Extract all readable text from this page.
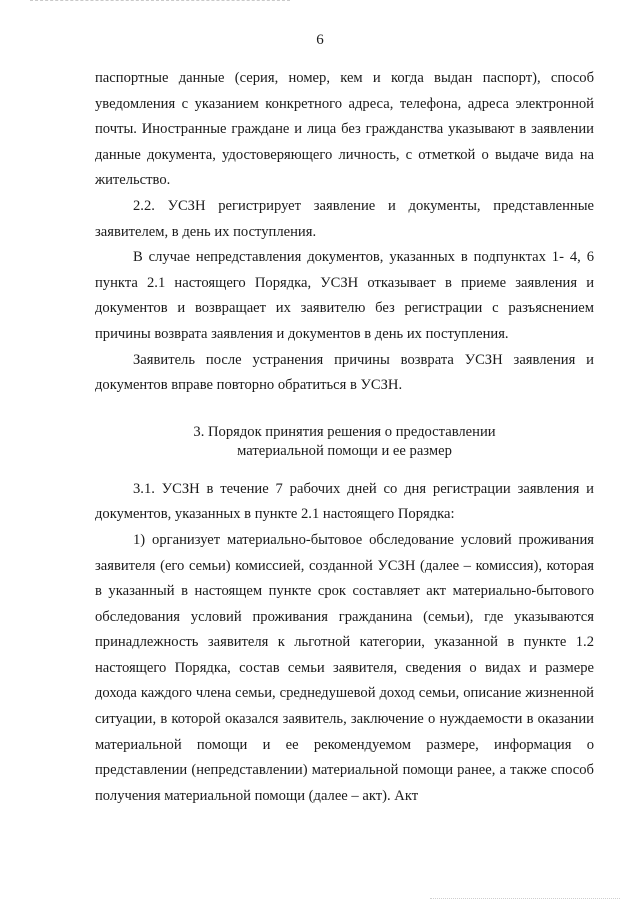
6

паспортные данные (серия, номер, кем и когда выдан паспорт), способ уведомления с указанием конкретного адреса, телефона, адреса электронной почты. Иностранные граждане и лица без гражданства указывают в заявлении данные документа, удостоверяющего личность, с отметкой о выдаче вида на жительство.

2.2. УСЗН регистрирует заявление и документы, представленные заявителем, в день их поступления.

В случае непредставления документов, указанных в подпунктах 1- 4, 6 пункта 2.1 настоящего Порядка, УСЗН отказывает в приеме заявления и документов и возвращает их заявителю без регистрации с разъяснением причины возврата заявления и документов в день их поступления.

Заявитель после устранения причины возврата УСЗН заявления и документов вправе повторно обратиться в УСЗН.

3. Порядок принятия решения о предоставлении
материальной помощи и ее размер

3.1. УСЗН в течение 7 рабочих дней со дня регистрации заявления и документов, указанных в пункте 2.1 настоящего Порядка:

1) организует материально-бытовое обследование условий проживания заявителя (его семьи) комиссией, созданной УСЗН (далее – комиссия), которая в указанный в настоящем пункте срок составляет акт материально-бытового обследования условий проживания гражданина (семьи), где указываются принадлежность заявителя к льготной категории, указанной в пункте 1.2 настоящего Порядка, состав семьи заявителя, сведения о видах и размере дохода каждого члена семьи, среднедушевой доход семьи, описание жизненной ситуации, в которой оказался заявитель, заключение о нуждаемости в оказании материальной помощи и ее рекомендуемом размере, информация о представлении (непредставлении) материальной помощи ранее, а также способ получения материальной помощи (далее – акт). Акт
